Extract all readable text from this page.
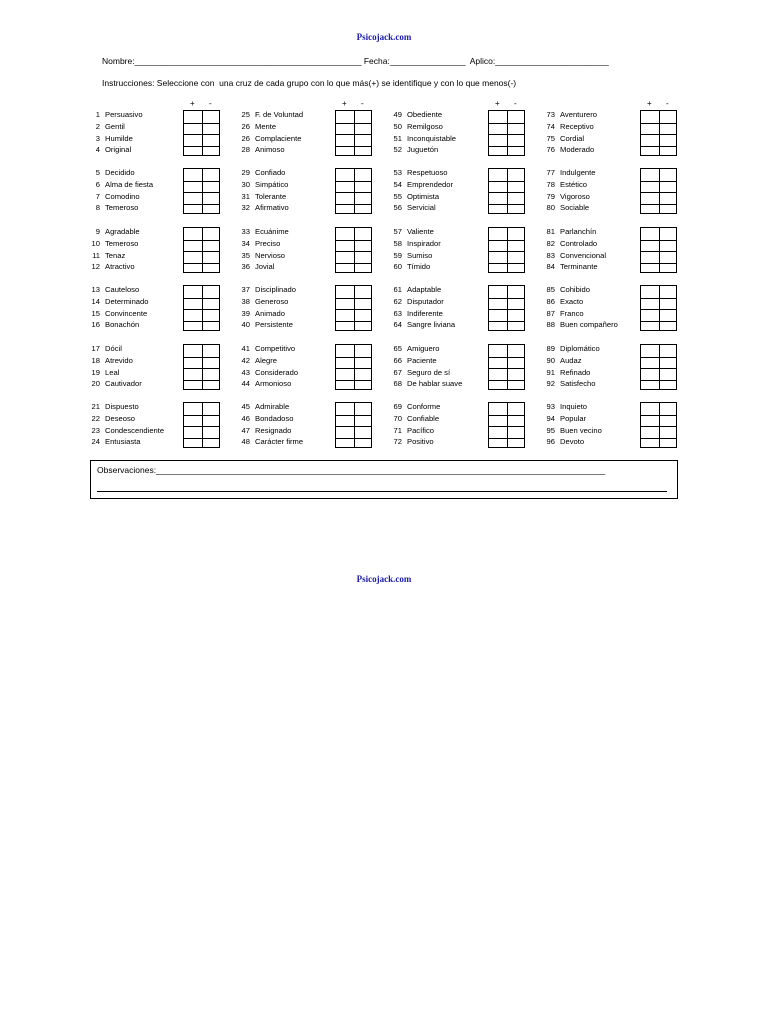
Psicojack.com
Nombre:________________________________________________ Fecha:________________  Aplico:________________________
Instrucciones: Seleccione con  una cruz de cada grupo con lo que más(+) se identifique y con lo que menos(-)
+ -
1 Persuasivo
2 Gentil
3 Humilde
4 Original
5 Decidido
6 Alma de fiesta
7 Comodino
8 Temeroso
9 Agradable
10 Temeroso
11 Tenaz
12 Atractivo
13 Cauteloso
14 Determinado
15 Convincente
16 Bonachón
17 Dócil
18 Atrevido
19 Leal
20 Cautivador
21 Dispuesto
22 Deseoso
23 Condescendiente
24 Entusiasta
+ -
25 F. de Voluntad
26 Mente
26 Complaciente
28 Animoso
29 Confiado
30 Simpático
31 Tolerante
32 Afirmativo
33 Ecuánime
34 Preciso
35 Nervioso
36 Jovial
37 Disciplinado
38 Generoso
39 Animado
40 Persistente
41 Competitivo
42 Alegre
43 Considerado
44 Armonioso
45 Admirable
46 Bondadoso
47 Resignado
48 Carácter firme
+ -
49 Obediente
50 Remilgoso
51 Inconquistable
52 Juguetón
53 Respetuoso
54 Emprendedor
55 Optimista
56 Servicial
57 Valiente
58 Inspirador
59 Sumiso
60 Tímido
61 Adaptable
62 Disputador
63 Indiferente
64 Sangre liviana
65 Amiguero
66 Paciente
67 Seguro de sí
68 De hablar suave
69 Conforme
70 Confiable
71 Pacífico
72 Positivo
+ -
73 Aventurero
74 Receptivo
75 Cordial
76 Moderado
77 Indulgente
78 Estético
79 Vigoroso
80 Sociable
81 Parlanchín
82 Controlado
83 Convencional
84 Terminante
85 Cohibido
86 Exacto
87 Franco
88 Buen compañero
89 Diplomático
90 Audaz
91 Refinado
92 Satisfecho
93 Inquieto
94 Popular
95 Buen vecino
96 Devoto
Observaciones:_______________________________________________________________________________________________
Psicojack.com
